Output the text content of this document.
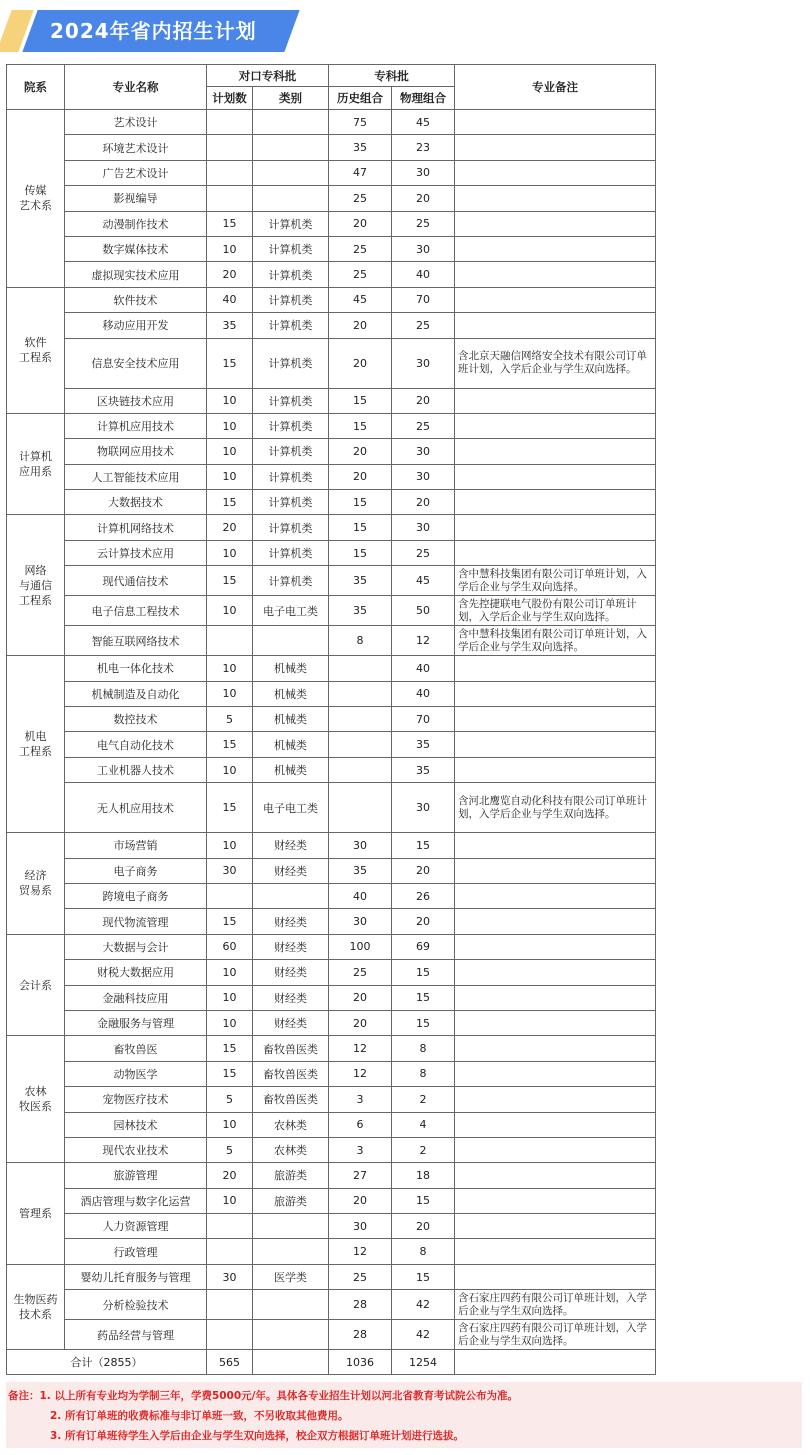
2024年省内招生计划
院系	专业名称	对口专科批		专科批		专业备注
		计划数	类别	历史组合	物理组合	
传媒
艺术系	艺术设计			75	45	
	环境艺术设计			35	23	
	广告艺术设计			47	30	
	影视编导			25	20	
	动漫制作技术	15	计算机类	20	25	
	数字媒体技术	10	计算机类	25	30	
	虚拟现实技术应用	20	计算机类	25	40	
软件
工程系	软件技术	40	计算机类	45	70	
	移动应用开发	35	计算机类	20	25	
	信息安全技术应用	15	计算机类	20	30	含北京天融信网络安全技术有限公司订单班计划，入学后企业与学生双向选择。
	区块链技术应用	10	计算机类	15	20	
计算机
应用系	计算机应用技术	10	计算机类	15	25	
	物联网应用技术	10	计算机类	20	30	
	人工智能技术应用	10	计算机类	20	30	
	大数据技术	15	计算机类	15	20	
网络
与通信
工程系	计算机网络技术	20	计算机类	15	30	
	云计算技术应用	10	计算机类	15	25	
	现代通信技术	15	计算机类	35	45	含中慧科技集团有限公司订单班计划，入学后企业与学生双向选择。
	电子信息工程技术	10	电子电工类	35	50	含先控捷联电气股份有限公司订单班计划，入学后企业与学生双向选择。
	智能互联网络技术			8	12	含中慧科技集团有限公司订单班计划，入学后企业与学生双向选择。
机电
工程系	机电一体化技术	10	机械类		40	
	机械制造及自动化	10	机械类		40	
	数控技术	5	机械类		70	
	电气自动化技术	15	机械类		35	
	工业机器人技术	10	机械类		35	
	无人机应用技术	15	电子电工类		30	含河北鹰览自动化科技有限公司订单班计划，入学后企业与学生双向选择。
经济
贸易系	市场营销	10	财经类	30	15	
	电子商务	30	财经类	35	20	
	跨境电子商务			40	26	
	现代物流管理	15	财经类	30	20	
会计系	大数据与会计	60	财经类	100	69	
	财税大数据应用	10	财经类	25	15	
	金融科技应用	10	财经类	20	15	
	金融服务与管理	10	财经类	20	15	
农林
牧医系	畜牧兽医	15	畜牧兽医类	12	8	
	动物医学	15	畜牧兽医类	12	8	
	宠物医疗技术	5	畜牧兽医类	3	2	
	园林技术	10	农林类	6	4	
	现代农业技术	5	农林类	3	2	
管理系	旅游管理	20	旅游类	27	18	
	酒店管理与数字化运营	10	旅游类	20	15	
	人力资源管理			30	20	
	行政管理			12	8	
生物医药
技术系	婴幼儿托育服务与管理	30	医学类	25	15	
	分析检验技术			28	42	含石家庄四药有限公司订单班计划，入学后企业与学生双向选择。
	药品经营与管理			28	42	含石家庄四药有限公司订单班计划，入学后企业与学生双向选择。
合计（2855）		565		1036	1254	
备注：1. 以上所有专业均为学制三年，学费5000元/年。具体各专业招生计划以河北省教育考试院公布为准。
2. 所有订单班的收费标准与非订单班一致，不另收取其他费用。
3. 所有订单班待学生入学后由企业与学生双向选择，校企双方根据订单班计划进行选拔。
